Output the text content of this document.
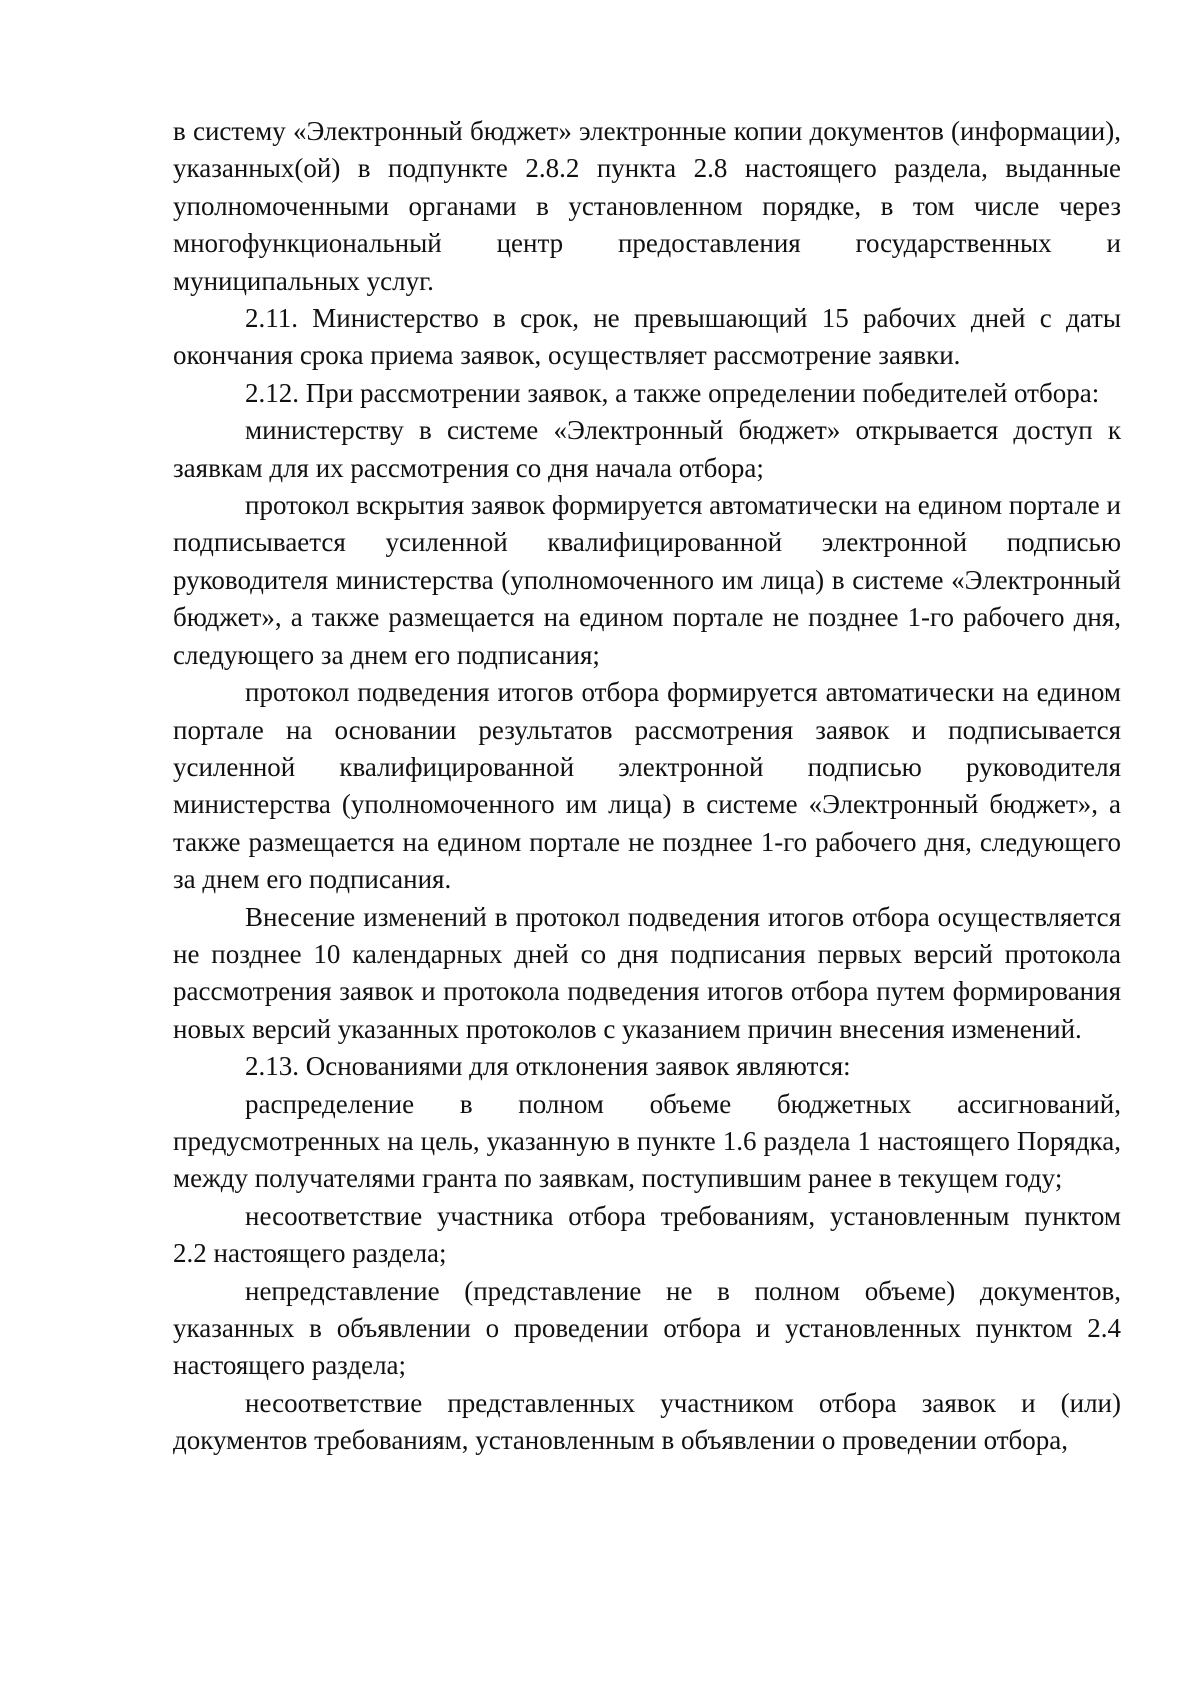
в систему «Электронный бюджет» электронные копии документов (информации), указанных(ой) в подпункте 2.8.2 пункта 2.8 настоящего раздела, выданные уполномоченными органами в установленном порядке, в том числе через многофункциональный центр предоставления государственных и муниципальных услуг.

2.11. Министерство в срок, не превышающий 15 рабочих дней с даты окончания срока приема заявок, осуществляет рассмотрение заявки.

2.12. При рассмотрении заявок, а также определении победителей отбора:

министерству в системе «Электронный бюджет» открывается доступ к заявкам для их рассмотрения со дня начала отбора;

протокол вскрытия заявок формируется автоматически на едином портале и подписывается усиленной квалифицированной электронной подписью руководителя министерства (уполномоченного им лица) в системе «Электронный бюджет», а также размещается на едином портале не позднее 1-го рабочего дня, следующего за днем его подписания;

протокол подведения итогов отбора формируется автоматически на едином портале на основании результатов рассмотрения заявок и подписывается усиленной квалифицированной электронной подписью руководителя министерства (уполномоченного им лица) в системе «Электронный бюджет», а также размещается на едином портале не позднее 1-го рабочего дня, следующего за днем его подписания.

Внесение изменений в протокол подведения итогов отбора осуществляется не позднее 10 календарных дней со дня подписания первых версий протокола рассмотрения заявок и протокола подведения итогов отбора путем формирования новых версий указанных протоколов с указанием причин внесения изменений.

2.13. Основаниями для отклонения заявок являются:

распределение в полном объеме бюджетных ассигнований, предусмотренных на цель, указанную в пункте 1.6 раздела 1 настоящего Порядка, между получателями гранта по заявкам, поступившим ранее в текущем году;

несоответствие участника отбора требованиям, установленным пунктом 2.2 настоящего раздела;

непредставление (представление не в полном объеме) документов, указанных в объявлении о проведении отбора и установленных пунктом 2.4 настоящего раздела;

несоответствие представленных участником отбора заявок и (или) документов требованиям, установленным в объявлении о проведении отбора,
